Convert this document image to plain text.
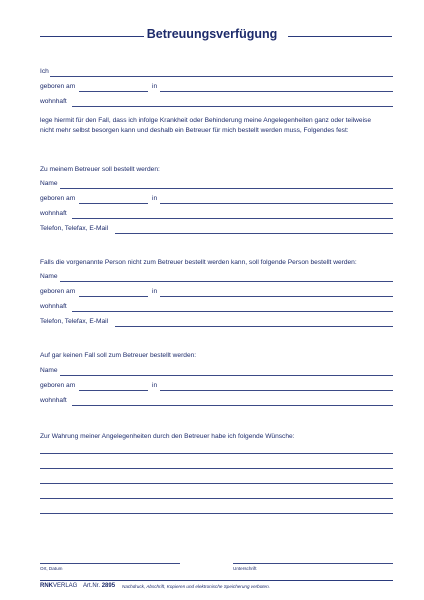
Betreuungsverfügung
Ich
geboren am	in
wohnhaft
lege hiermit für den Fall, dass ich infolge Krankheit oder Behinderung meine Angelegenheiten ganz oder teilweise
nicht mehr selbst besorgen kann und deshalb ein Betreuer für mich bestellt werden muss, Folgendes fest:
Zu meinem Betreuer soll bestellt werden:
Name
geboren am	in
wohnhaft
Telefon, Telefax, E-Mail
Falls die vorgenannte Person nicht zum Betreuer bestellt werden kann, soll folgende Person bestellt werden:
Name
geboren am	in
wohnhaft
Telefon, Telefax, E-Mail
Auf gar keinen Fall soll zum Betreuer bestellt werden:
Name
geboren am	in
wohnhaft
Zur Wahrung meiner Angelegenheiten durch den Betreuer habe ich folgende Wünsche:
Ort, Datum	Unterschrift
RNKVERLAG Art.Nr. 2895 Nachdruck, Abschrift, Kopieren und elektronische Speicherung verboten.
